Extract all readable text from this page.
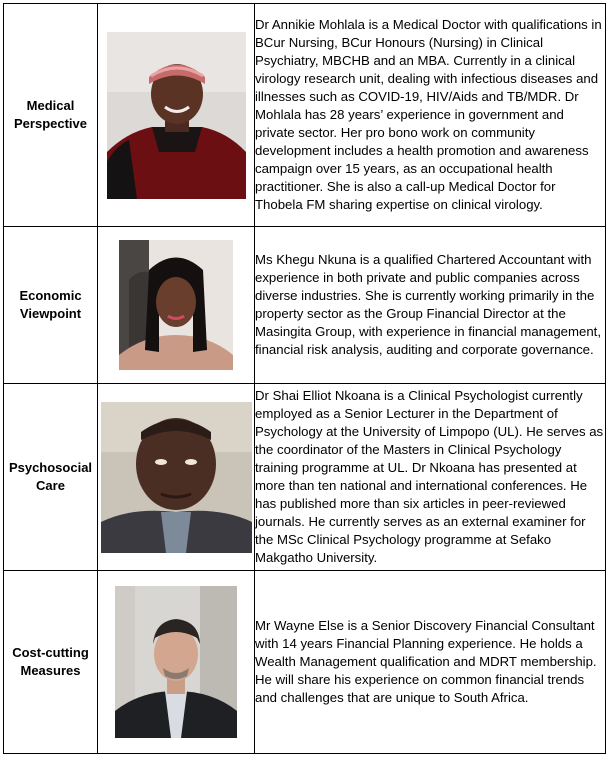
Medical Perspective		Dr Annikie Mohlala is a Medical Doctor with qualifications in BCur Nursing, BCur Honours (Nursing) in Clinical Psychiatry, MBCHB and an MBA. Currently in a clinical virology research unit, dealing with infectious diseases and illnesses such as COVID-19, HIV/Aids and TB/MDR. Dr Mohlala has 28 years’ experience in government and private sector. Her pro bono work on community development includes a health promotion and awareness campaign over 15 years, as an occupational health practitioner. She is also a call-up Medical Doctor for Thobela FM sharing expertise on clinical virology.
Economic Viewpoint		Ms Khegu Nkuna is a qualified Chartered Accountant with experience in both private and public companies across diverse industries. She is currently working primarily in the property sector as the Group Financial Director at the Masingita Group, with experience in financial management, financial risk analysis, auditing and corporate governance.
Psychosocial Care		Dr Shai Elliot Nkoana is a Clinical Psychologist currently employed as a Senior Lecturer in the Department of Psychology at the University of Limpopo (UL). He serves as the coordinator of the Masters in Clinical Psychology training programme at UL. Dr Nkoana has presented at more than ten national and international conferences. He has published more than six articles in peer-reviewed journals. He currently serves as an external examiner for the MSc Clinical Psychology programme at Sefako Makgatho University.
Cost-cutting Measures		Mr Wayne Else is a Senior Discovery Financial Consultant with 14 years Financial Planning experience. He holds a Wealth Management qualification and MDRT membership. He will share his experience on common financial trends and challenges that are unique to South Africa.
